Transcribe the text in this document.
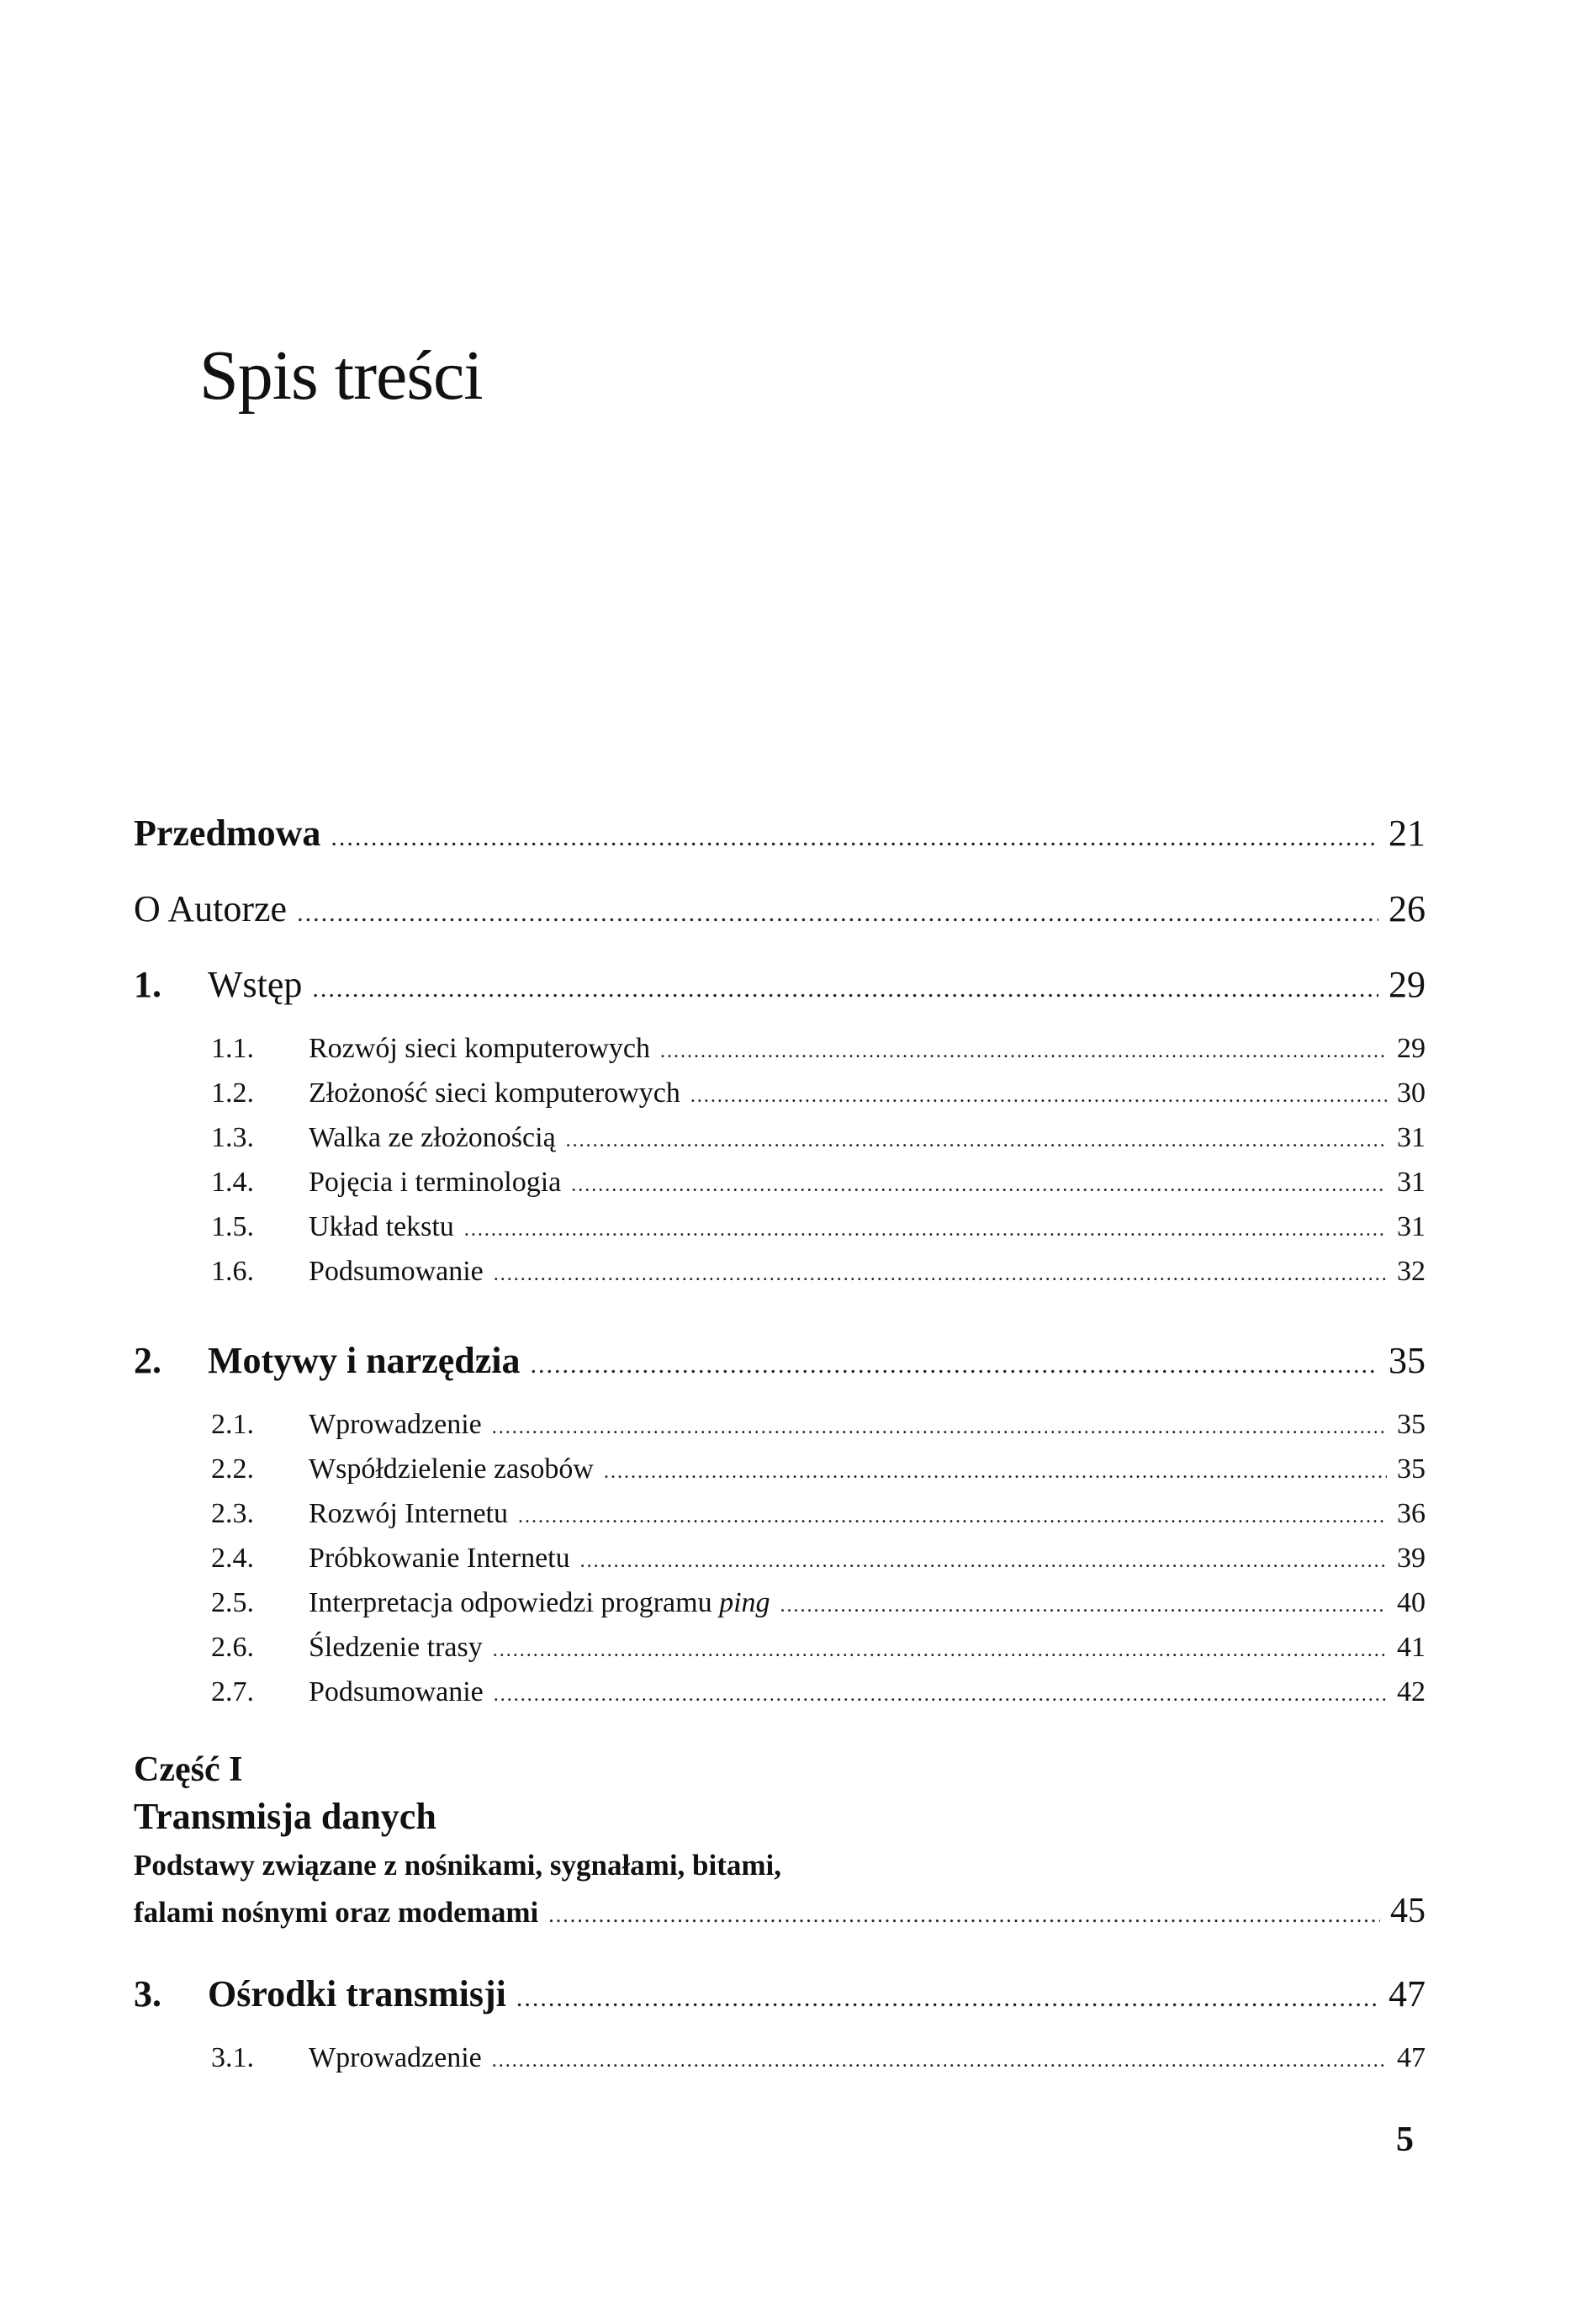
Spis treści
Przedmowa .....	21
O Autorze .....	26
1.	Wstęp .....	29
1.1.	Rozwój sieci komputerowych .....	29
1.2.	Złożoność sieci komputerowych .....	30
1.3.	Walka ze złożonością .....	31
1.4.	Pojęcia i terminologia .....	31
1.5.	Układ tekstu .....	31
1.6.	Podsumowanie .....	32
2.	Motywy i narzędzia .....	35
2.1.	Wprowadzenie .....	35
2.2.	Współdzielenie zasobów .....	35
2.3.	Rozwój Internetu .....	36
2.4.	Próbkowanie Internetu .....	39
2.5.	Interpretacja odpowiedzi programu ping .....	40
2.6.	Śledzenie trasy .....	41
2.7.	Podsumowanie .....	42
Część I
Transmisja danych
Podstawy związane z nośnikami, sygnałami, bitami,
falami nośnymi oraz modemami .....	45
3.	Ośrodki transmisji .....	47
3.1.	Wprowadzenie .....	47
5
